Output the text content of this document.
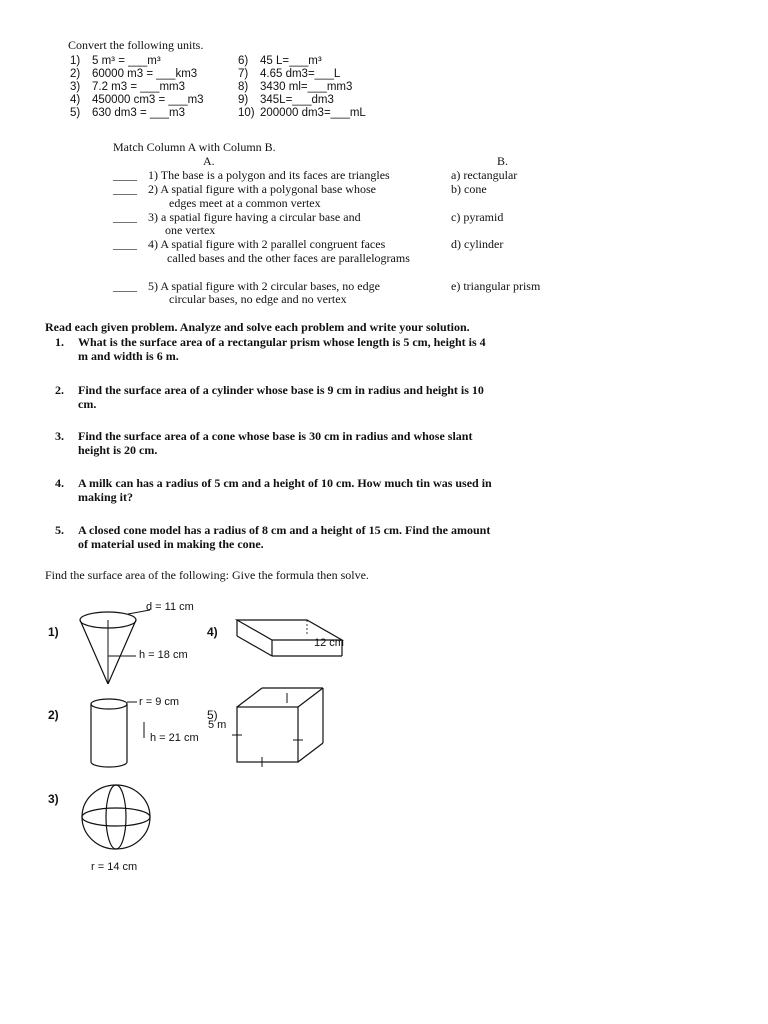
Convert the following units.
1) 5 m³ = ___m³
2) 60000 m3 = ___km3
3) 7.2 m3 = ___mm3
4) 450000 cm3 = ___m3
5) 630 dm3 = ___m3
6) 45 L=___m³
7) 4.65 dm3=___L
8) 3430 ml=___mm3
9) 345L=___dm3
10) 200000 dm3=___mL
Match Column A with Column B.
A.	B.
____ 1) The base is a polygon and its faces are triangles	a) rectangular
____ 2) A spatial figure with a polygonal base whose
edges meet at a common vertex
b) cone
____ 3) a spatial figure having a circular base and
one vertex
c) pyramid
____ 4) A spatial figure with 2 parallel congruent faces
called bases and the other faces are parallelograms
d) cylinder
____ 5) A spatial figure with 2 circular bases, no edge
circular bases, no edge and no vertex
e) triangular prism
Read each given problem. Analyze and solve each problem and write your solution.
1. What is the surface area of a rectangular prism whose length is 5 cm, height is 4
m and width is 6 m.
2. Find the surface area of a cylinder whose base is 9 cm in radius and height is 10
cm.
3. Find the surface area of a cone whose base is 30 cm in radius and whose slant
height is 20 cm.
4. A milk can has a radius of 5 cm and a height of 10 cm. How much tin was used in
making it?
5. A closed cone model has a radius of 8 cm and a height of 15 cm. Find the amount
of material used in making the cone.
Find the surface area of the following: Give the formula then solve.
1)
d = 11 cm
h = 18 cm
2)
r = 9 cm
h = 21 cm
3)
r = 14 cm
4)
12 cm
5)
5 m
